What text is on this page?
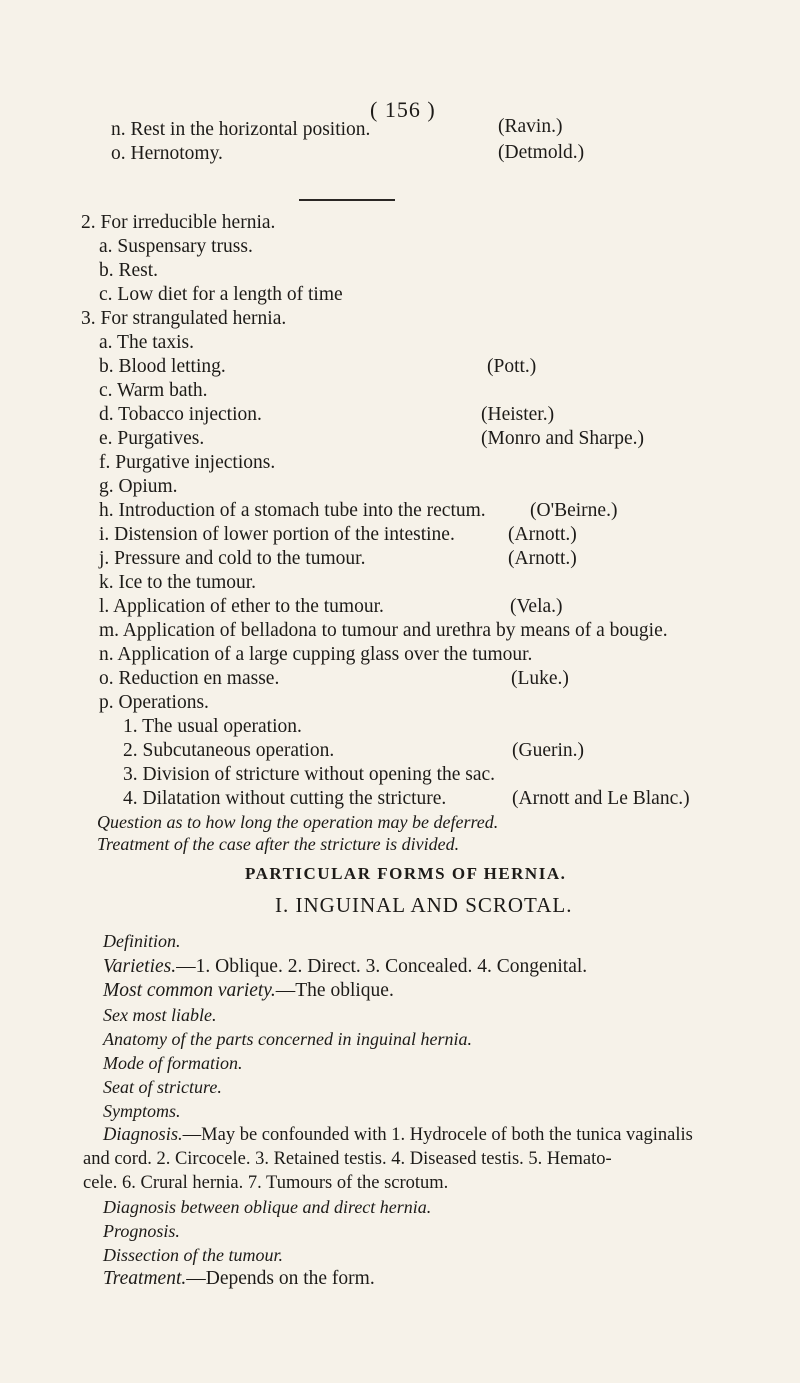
( 156 )
n. Rest in the horizontal position.	(Ravin.)
o. Hernotomy.	(Detmold.)
2. For irreducible hernia.
a. Suspensary truss.
b. Rest.
c. Low diet for a length of time
3. For strangulated hernia.
a. The taxis.
b. Blood letting.	(Pott.)
c. Warm bath.
d. Tobacco injection.	(Heister.)
e. Purgatives.	(Monro and Sharpe.)
f. Purgative injections.
g. Opium.
h. Introduction of a stomach tube into the rectum. (O'Beirne.)
i. Distension of lower portion of the intestine.	(Arnott.)
j. Pressure and cold to the tumour.	(Arnott.)
k. Ice to the tumour.
l. Application of ether to the tumour.	(Vela.)
m. Application of belladona to tumour and urethra by means of a bougie.
n. Application of a large cupping glass over the tumour.
o. Reduction en masse.	(Luke.)
p. Operations.
1. The usual operation.
2. Subcutaneous operation.	(Guerin.)
3. Division of stricture without opening the sac.
4. Dilatation without cutting the stricture.	(Arnott and Le Blanc.)
Question as to how long the operation may be deferred.
Treatment of the case after the stricture is divided.
PARTICULAR FORMS OF HERNIA.
I. INGUINAL AND SCROTAL.
Definition.
Varieties.—1. Oblique. 2. Direct. 3. Concealed. 4. Congenital.
Most common variety.—The oblique.
Sex most liable.
Anatomy of the parts concerned in inguinal hernia.
Mode of formation.
Seat of stricture.
Symptoms.
Diagnosis.—May be confounded with 1. Hydrocele of both the tunica vaginalis
and cord. 2. Circocele. 3. Retained testis. 4. Diseased testis. 5. Hemato-
cele. 6. Crural hernia. 7. Tumours of the scrotum.
Diagnosis between oblique and direct hernia.
Prognosis.
Dissection of the tumour.
Treatment.—Depends on the form.
